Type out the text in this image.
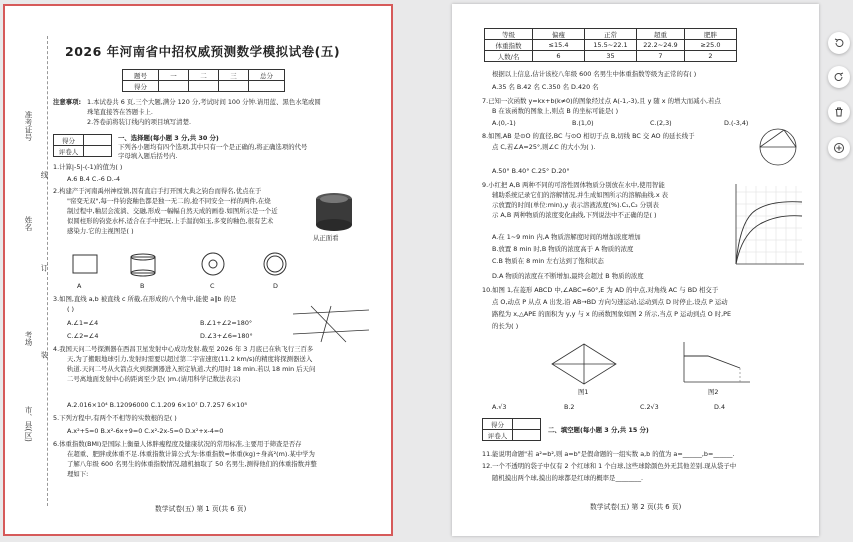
准考证号
姓名
考场
市、县(区)
线
订
装
2026 年河南省中招权威预测数学模拟试卷(五)
题号	一	二	三	总分
得分				
注意事项: 1.本试卷共 6 页,三个大题,满分 120 分,考试时间 100 分钟.请用蓝、黑色水笔或圆
珠笔直接答在答题卡上.
2.答卷前将装订线内的项目填写清楚.
得分	
评卷人	
一、选择题(每小题 3 分,共 30 分)
下列各小题均有四个选项,其中只有一个是正确的,将正确选项的代号
字母填入题后括号内.
1.计算|-5|-(-1)的值为( )
A.6 B.4 C.-6 D.-4
2.构建产于河南禹州神垕镇,因有直启手打开国大典之钧台而得名,优点在于
"窑变无双",每一件钧瓷釉色都是独一无二的,抢不同安全一样的两件,在烧
制过程中,釉层会流淌、交融,形成一幅幅自然天成的画卷.如图所示是一个近
似圆柱形的钧瓷水杯,适合在手中把玩,上手温润如玉,多变的釉色,很有艺术
感染力.它的主视图是( )
从正面看
A	B	C	D
3.如图,直线 a,b 被直线 c 所截,在形成的八个角中,能使 a∥b 的是
( )
A.∠1=∠4	B.∠1+∠2=180°
C.∠2=∠4	D.∠3+∠6=180°
4.我国天问二号探测器在西昌卫星发射中心成功发射.截至 2026 年 3 月底已在轨飞行三百多
天,为了搬眼地球引力,发射时需要以超过第二宇宙速度(11.2 km/s)的精度将探测器送入
轨道.天问二号从火箭点火到探测器进入预定轨道,大约用时 18 min.若以 18 min 后天问
二号离地面发射中心的距离至少是( )m.(请用科学记数法表示)
A.2.016×10⁴ B.12096000 C.1.209 6×10⁷ D.7.257 6×10⁸
5.下列方程中,有两个不相等的实数根的是( )
A.x²+5=0 B.x²-6x+9=0 C.x²-2x-5=0 D.x²+x-4=0
6.体重指数(BMI)是国际上衡量人体胖瘦程度及健康状况的常用标准,主要用于筛查是否存
在超重、肥胖或体重不足.体重指数计算公式为:体重指数=体重(kg)÷身高²(m).某中学为
了解八年级 600 名男生的体重指数情况,随机抽取了 50 名男生,测得他们的体重指数并整
理如下:
数学试卷(五) 第 1 页(共 6 页)
等级	偏瘦	正常	超重	肥胖
体重指数	≤15.4	15.5~22.1	22.2~24.9	≥25.0
人数/名	6	35	7	2
根据以上信息,估计该校八年级 600 名男生中体重指数等级为正常的有( )
A.35 名 B.42 名 C.350 名 D.420 名
7.已知一次函数 y=kx+b(k≠0)的图象经过点 A(-1,-3),且 y 随 x 的增大而减小,若点
B 在该函数的图象上,则点 B 的坐标可能是( )
A.(0,-1)	B.(1,0)	C.(2,3)	D.(-3,4)
8.如图,AB 是⊙O 的直径,BC 与⊙O 相切于点 B,切线 BC 交 AO 的延长线于
点 C,若∠A=25°,则∠C 的大小为( ).
A.50° B.40° C.25° D.20°
9.小红把 A,B 两种不同的可溶性固体物质分别放在水中,使用智能
辅助系统记录它们的溶解情况,并生成如图所示的溶解曲线.x 表
示放置的时间(单位:min),y 表示溶液浓度(%).C₁,C₂ 分别表
示 A,B 两种物质的浓度变化曲线,下列说法中不正确的是( )
A.在 1~9 min 内,A 物质溶解度时间的增加浓度增加
B.放置 8 min 时,B 物质的浓度高于 A 物质的浓度
C.B 物质在 8 min 左右达到了饱和状态
D.A 物质的浓度在不断增加,最终会超过 B 物质的浓度
10.如图 1,在菱形 ABCD 中,∠ABC=60°,E 为 AD 的中点,对角线 AC 与 BD 相交于
点 O,动点 P 从点 A 出发,沿 AB→BD 方向匀速运动,运动到点 D 时停止,设点 P 运动
路程为 x,△APE 的面积为 y,y 与 x 的函数图象如图 2 所示,当点 P 运动到点 O 时,PE
的长为( )
图1	图2
A.√3	B.2	C.2√3	D.4
得分	
评卷人	
二、填空题(每小题 3 分,共 15 分)
11.能说明命题"若 a²=b²,则 a=b"是假命题的一组实数 a,b 的值为 a=______,b=______.
12.一个不透明的袋子中仅有 2 个红球和 1 个白球,这些球除颜色外无其他差别.现从袋子中
随机摸出两个球,摸出的球都是红球的概率是________.
数学试卷(五) 第 2 页(共 6 页)
